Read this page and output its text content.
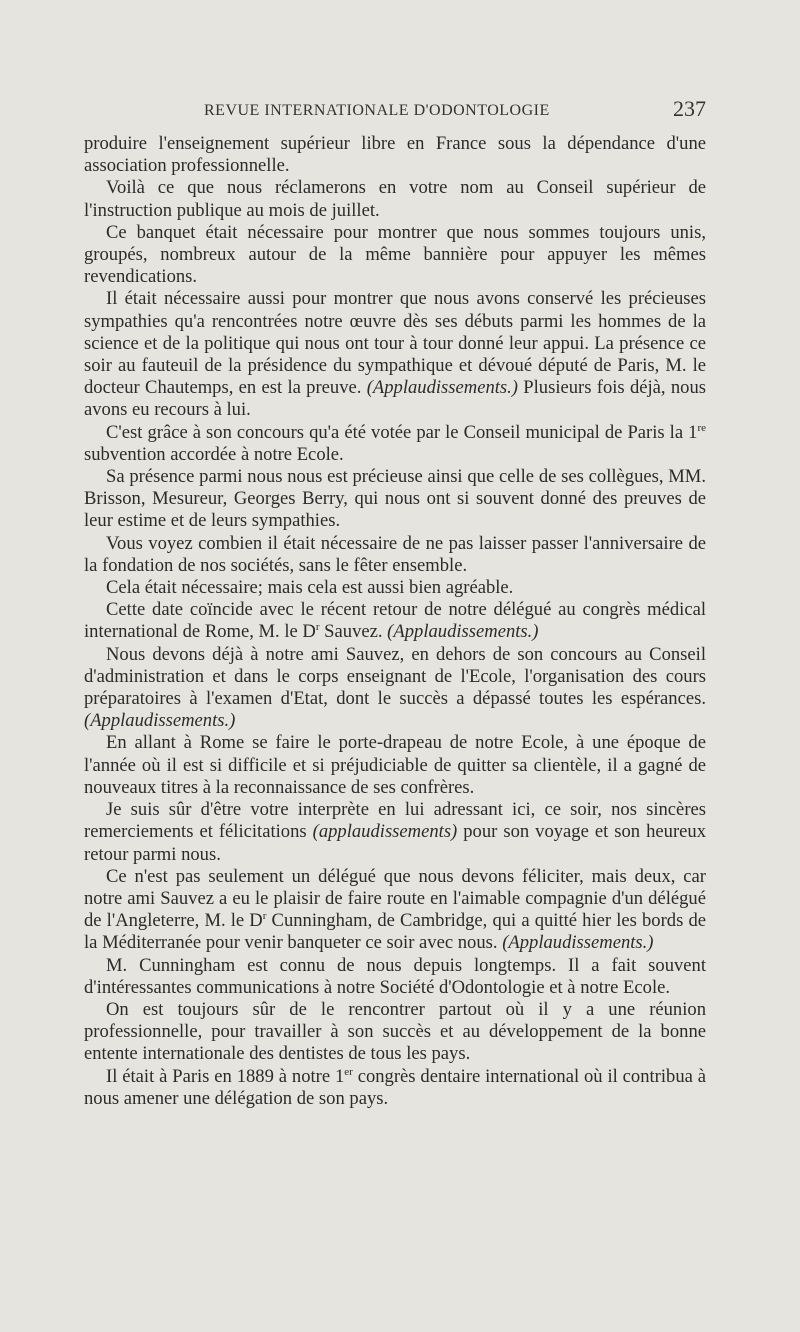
REVUE INTERNATIONALE D'ODONTOLOGIE	237

produire l'enseignement supérieur libre en France sous la dépendance d'une association professionnelle.

Voilà ce que nous réclamerons en votre nom au Conseil supérieur de l'instruction publique au mois de juillet.

Ce banquet était nécessaire pour montrer que nous sommes toujours unis, groupés, nombreux autour de la même bannière pour appuyer les mêmes revendications.

Il était nécessaire aussi pour montrer que nous avons conservé les précieuses sympathies qu'a rencontrées notre œuvre dès ses débuts parmi les hommes de la science et de la politique qui nous ont tour à tour donné leur appui. La présence ce soir au fauteuil de la présidence du sympathique et dévoué député de Paris, M. le docteur Chautemps, en est la preuve. (Applaudissements.) Plusieurs fois déjà, nous avons eu recours à lui.

C'est grâce à son concours qu'a été votée par le Conseil municipal de Paris la 1re subvention accordée à notre Ecole.

Sa présence parmi nous nous est précieuse ainsi que celle de ses collègues, MM. Brisson, Mesureur, Georges Berry, qui nous ont si souvent donné des preuves de leur estime et de leurs sympathies.

Vous voyez combien il était nécessaire de ne pas laisser passer l'anniversaire de la fondation de nos sociétés, sans le fêter ensemble.

Cela était nécessaire; mais cela est aussi bien agréable.

Cette date coïncide avec le récent retour de notre délégué au congrès médical international de Rome, M. le $D^r$ Sauvez. (Applaudissements.)

Nous devons déjà à notre ami Sauvez, en dehors de son concours au Conseil d'administration et dans le corps enseignant de l'Ecole, l'organisation des cours préparatoires à l'examen d'Etat, dont le succès a dépassé toutes les espérances. (Applaudissements.)

En allant à Rome se faire le porte-drapeau de notre Ecole, à une époque de l'année où il est si difficile et si préjudiciable de quitter sa clientèle, il a gagné de nouveaux titres à la reconnaissance de ses confrères.

Je suis sûr d'être votre interprète en lui adressant ici, ce soir, nos sincères remerciements et félicitations (applaudissements) pour son voyage et son heureux retour parmi nous.

Ce n'est pas seulement un délégué que nous devons féliciter, mais deux, car notre ami Sauvez a eu le plaisir de faire route en l'aimable compagnie d'un délégué de l'Angleterre, M. le $D^r$ Cunningham, de Cambridge, qui a quitté hier les bords de la Méditerranée pour venir banqueter ce soir avec nous. (Applaudissements.)

M. Cunningham est connu de nous depuis longtemps. Il a fait souvent d'intéressantes communications à notre Société d'Odontologie et à notre Ecole.

On est toujours sûr de le rencontrer partout où il y a une réunion professionnelle, pour travailler à son succès et au développement de la bonne entente internationale des dentistes de tous les pays.

Il était à Paris en 1889 à notre 1er congrès dentaire international où il contribua à nous amener une délégation de son pays.
